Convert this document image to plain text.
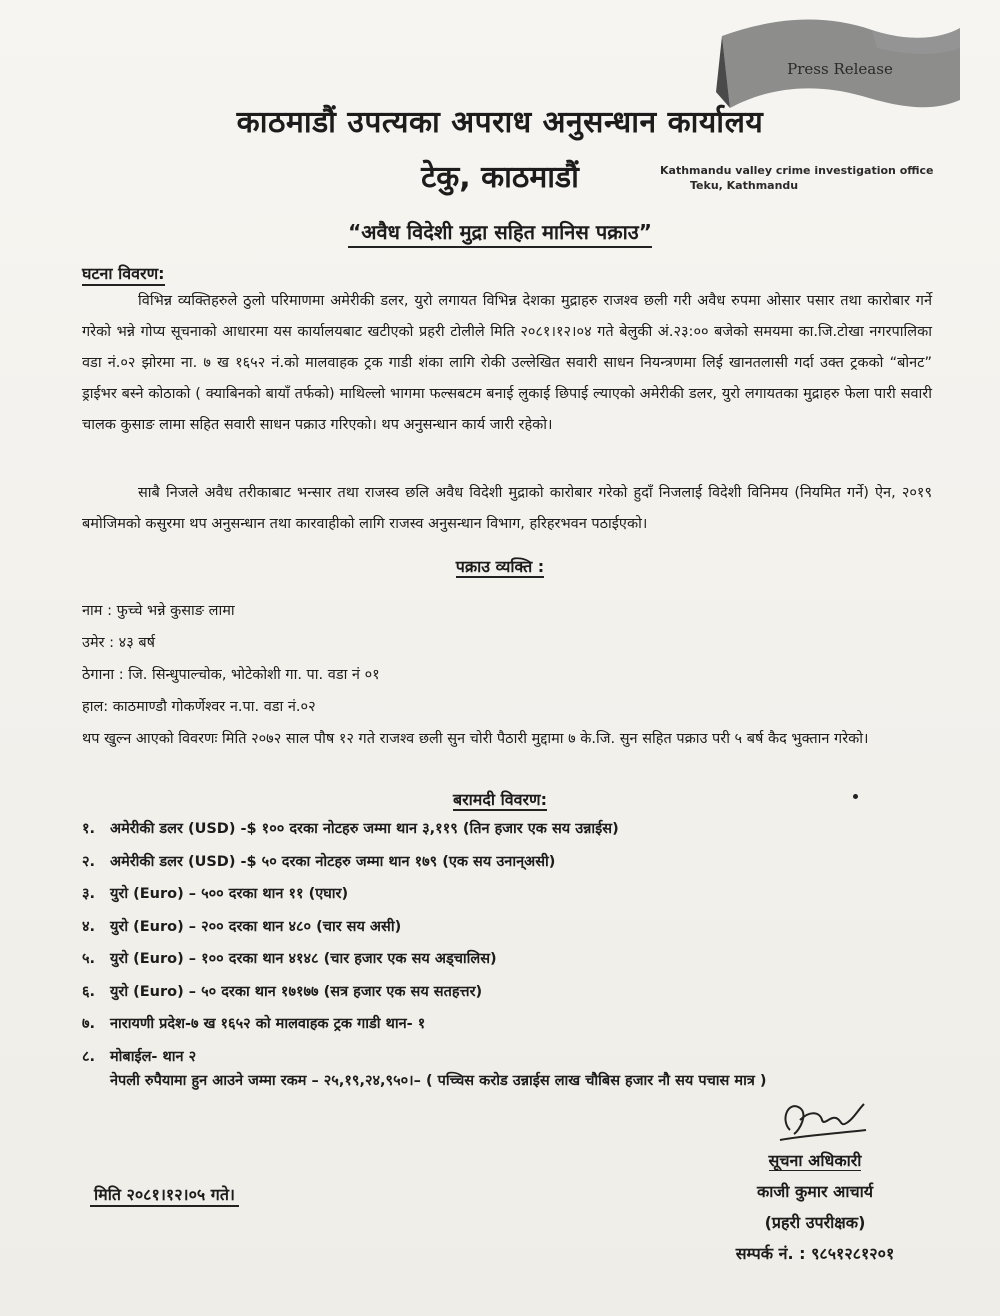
Press Release
काठमाडौं उपत्यका अपराध अनुसन्धान कार्यालय
टेकु, काठमाडौं	Kathmandu valley crime investigation office
Teku, Kathmandu
“अवैध विदेशी मुद्रा सहित मानिस पक्राउ”
घटना विवरण:
विभिन्न व्यक्तिहरुले ठुलो परिमाणमा अमेरीकी डलर, युरो लगायत विभिन्न देशका मुद्राहरु राजश्व छली गरी अवैध रुपमा ओसार पसार तथा कारोबार गर्ने गरेको भन्ने गोप्य सूचनाको आधारमा यस कार्यालयबाट खटीएको प्रहरी टोलीले मिति २०८१।१२।०४ गते बेलुकी अं.२३:०० बजेको समयमा का.जि.टोखा नगरपालिका वडा नं.०२ झोरमा ना. ७ ख १६५२ नं.को मालवाहक ट्रक गाडी शंका लागि रोकी उल्लेखित सवारी साधन नियन्त्रणमा लिई खानतलासी गर्दा उक्त ट्रकको “बोनट” ड्राईभर बस्ने कोठाको ( क्याबिनको बायाँ तर्फको) माथिल्लो भागमा फल्सबटम बनाई लुकाई छिपाई ल्याएको अमेरीकी डलर, युरो लगायतका मुद्राहरु फेला पारी सवारी चालक कुसाङ लामा सहित सवारी साधन पक्राउ गरिएको। थप अनुसन्धान कार्य जारी रहेको।
साबै निजले अवैध तरीकाबाट भन्सार तथा राजस्व छलि अवैध विदेशी मुद्राको कारोबार गरेको हुदाँ निजलाई विदेशी विनिमय (नियमित गर्ने) ऐन, २०१९ बमोजिमको कसुरमा थप अनुसन्धान तथा कारवाहीको लागि राजस्व अनुसन्धान विभाग, हरिहरभवन पठाईएको।
पक्राउ व्यक्ति :
नाम : फुच्चे भन्ने कुसाङ लामा
उमेर : ४३ बर्ष
ठेगाना : जि. सिन्धुपाल्चोक, भोटेकोशी गा. पा. वडा नं ०१
हाल: काठमाण्डौ गोकर्णेश्वर न.पा. वडा नं.०२
थप खुल्न आएको विवरणः मिति २०७२ साल पौष १२ गते राजश्व छली सुन चोरी पैठारी मुद्दामा ७ के.जि. सुन सहित पक्राउ परी ५ बर्ष कैद भुक्तान गरेको।
बरामदी विवरण:
१.	अमेरीकी डलर (USD) -$ १०० दरका नोटहरु जम्मा थान ३,११९ (तिन हजार एक सय उन्नाईस)
२.	अमेरीकी डलर (USD) -$ ५० दरका नोटहरु जम्मा थान १७९ (एक सय उनान्असी)
३.	युरो (Euro) – ५०० दरका थान ११ (एघार)
४.	युरो (Euro) – २०० दरका थान ४८० (चार सय असी)
५.	युरो (Euro) – १०० दरका थान ४१४८ (चार हजार एक सय अड्चालिस)
६.	युरो (Euro) – ५० दरका थान १७१७७ (सत्र हजार एक सय सतहत्तर)
७.	नारायणी प्रदेश-७ ख १६५२ को मालवाहक ट्रक गाडी थान- १
८.	मोबाईल- थान २
नेपली रुपैयामा हुन आउने जम्मा रकम – २५,१९,२४,९५०।– ( पच्चिस करोड उन्नाईस लाख चौबिस हजार नौ सय पचास मात्र )
सूचना अधिकारी
काजी कुमार आचार्य
(प्रहरी उपरीक्षक)
सम्पर्क नं. : ९८५१२८१२०१
मिति २०८१।१२।०५ गते।
